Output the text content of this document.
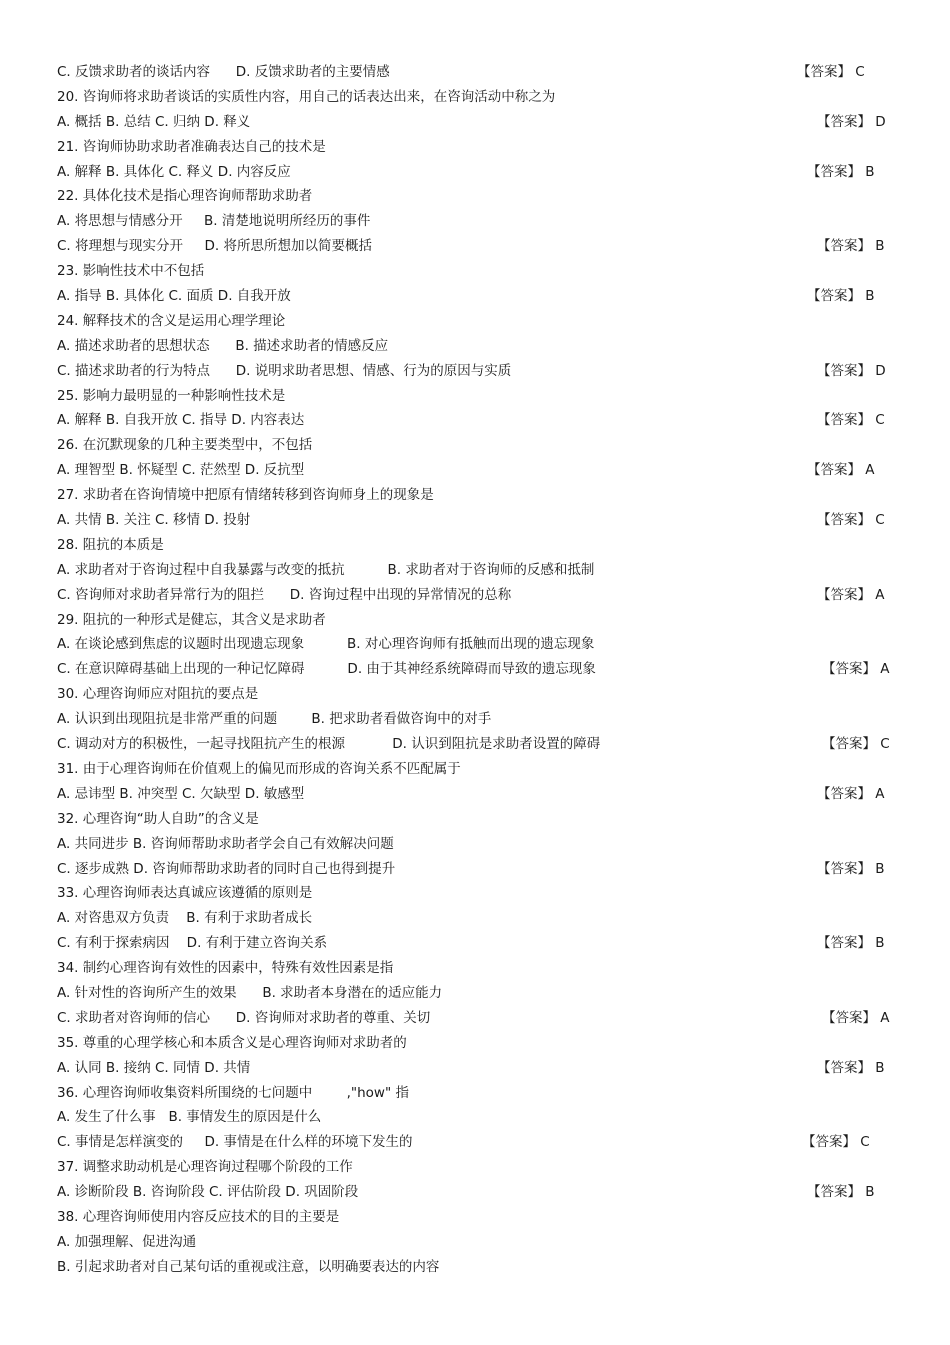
C. 反馈求助者的谈话内容      D. 反馈求助者的主要情感	【答案】 C
20. 咨询师将求助者谈话的实质性内容，用自己的话表达出来，在咨询活动中称之为
A. 概括 B. 总结 C. 归纳 D. 释义	【答案】 D
21. 咨询师协助求助者准确表达自己的技术是
A. 解释 B. 具体化 C. 释义 D. 内容反应	【答案】 B
22. 具体化技术是指心理咨询师帮助求助者
A. 将思想与情感分开     B. 清楚地说明所经历的事件
C. 将理想与现实分开     D. 将所思所想加以简要概括	【答案】 B
23. 影响性技术中不包括
A. 指导 B. 具体化 C. 面质 D. 自我开放	【答案】 B
24. 解释技术的含义是运用心理学理论
A. 描述求助者的思想状态      B. 描述求助者的情感反应
C. 描述求助者的行为特点      D. 说明求助者思想、情感、行为的原因与实质	【答案】 D
25. 影响力最明显的一种影响性技术是
A. 解释 B. 自我开放 C. 指导 D. 内容表达	【答案】 C
26. 在沉默现象的几种主要类型中，不包括
A. 理智型 B. 怀疑型 C. 茫然型 D. 反抗型	【答案】 A
27. 求助者在咨询情境中把原有情绪转移到咨询师身上的现象是
A. 共情 B. 关注 C. 移情 D. 投射	【答案】 C
28. 阻抗的本质是
A. 求助者对于咨询过程中自我暴露与改变的抵抗          B. 求助者对于咨询师的反感和抵制
C. 咨询师对求助者异常行为的阻拦      D. 咨询过程中出现的异常情况的总称	【答案】 A
29. 阻抗的一种形式是健忘，其含义是求助者
A. 在谈论感到焦虑的议题时出现遗忘现象          B. 对心理咨询师有抵触而出现的遗忘现象
C. 在意识障碍基础上出现的一种记忆障碍          D. 由于其神经系统障碍而导致的遗忘现象	【答案】 A
30. 心理咨询师应对阻抗的要点是
A. 认识到出现阻抗是非常严重的问题        B. 把求助者看做咨询中的对手
C. 调动对方的积极性，一起寻找阻抗产生的根源           D. 认识到阻抗是求助者设置的障碍	【答案】 C
31. 由于心理咨询师在价值观上的偏见而形成的咨询关系不匹配属于
A. 忌讳型 B. 冲突型 C. 欠缺型 D. 敏感型	【答案】 A
32. 心理咨询“助人自助”的含义是
A. 共同进步 B. 咨询师帮助求助者学会自己有效解决问题
C. 逐步成熟 D. 咨询师帮助求助者的同时自己也得到提升	【答案】 B
33. 心理咨询师表达真诚应该遵循的原则是
A. 对咨患双方负责    B. 有利于求助者成长
C. 有利于探索病因    D. 有利于建立咨询关系	【答案】 B
34. 制约心理咨询有效性的因素中，特殊有效性因素是指
A. 针对性的咨询所产生的效果      B. 求助者本身潜在的适应能力
C. 求助者对咨询师的信心      D. 咨询师对求助者的尊重、关切	【答案】 A
35. 尊重的心理学核心和本质含义是心理咨询师对求助者的
A. 认同 B. 接纳 C. 同情 D. 共情	【答案】 B
36. 心理咨询师收集资料所围绕的七问题中        ,"how" 指
A. 发生了什么事   B. 事情发生的原因是什么
C. 事情是怎样演变的     D. 事情是在什么样的环境下发生的	【答案】 C
37. 调整求助动机是心理咨询过程哪个阶段的工作
A. 诊断阶段 B. 咨询阶段 C. 评估阶段 D. 巩固阶段	【答案】 B
38. 心理咨询师使用内容反应技术的目的主要是
A. 加强理解、促进沟通
B. 引起求助者对自己某句话的重视或注意，以明确要表达的内容
